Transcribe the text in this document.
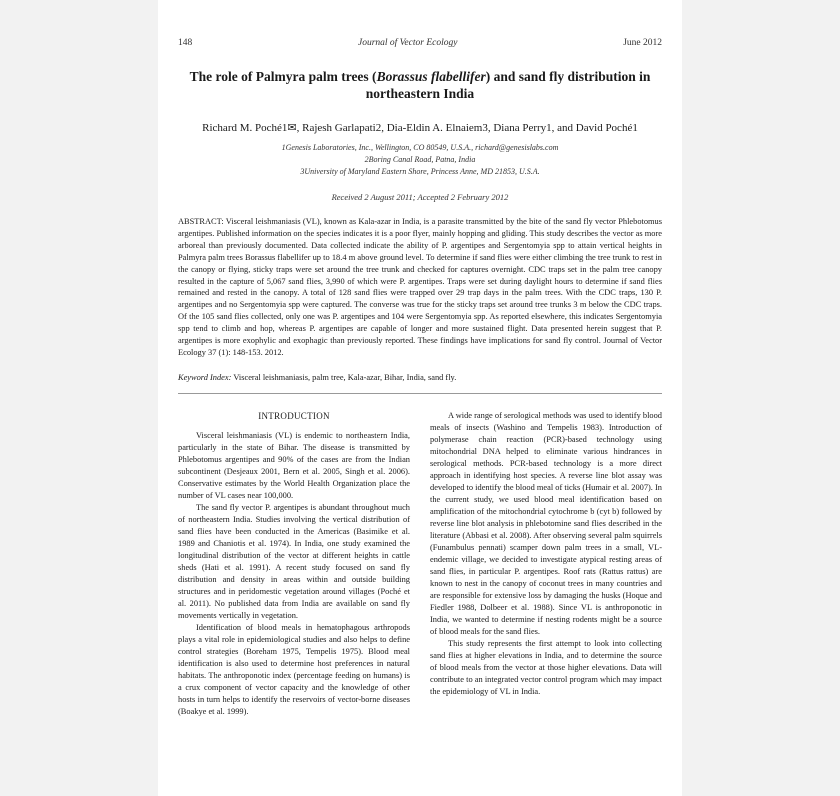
148	Journal of Vector Ecology	June 2012
The role of Palmyra palm trees (Borassus flabellifer) and sand fly distribution in northeastern India
Richard M. Poché1✉, Rajesh Garlapati2, Dia-Eldin A. Elnaiem3, Diana Perry1, and David Poché1
1Genesis Laboratories, Inc., Wellington, CO 80549, U.S.A., richard@genesislabs.com
2Boring Canal Road, Patna, India
3University of Maryland Eastern Shore, Princess Anne, MD 21853, U.S.A.
Received 2 August 2011; Accepted 2 February 2012

ABSTRACT: Visceral leishmaniasis (VL), known as Kala-azar in India, is a parasite transmitted by the bite of the sand fly vector Phlebotomus argentipes. Published information on the species indicates it is a poor flyer, mainly hopping and gliding. This study describes the vector as more arboreal than previously documented. Data collected indicate the ability of P. argentipes and Sergentomyia spp to attain vertical heights in Palmyra palm trees Borassus flabellifer up to 18.4 m above ground level. To determine if sand flies were either climbing the tree trunk to rest in the canopy or flying, sticky traps were set around the tree trunk and checked for captures overnight. CDC traps set in the palm tree canopy resulted in the capture of 5,067 sand flies, 3,990 of which were P. argentipes. Traps were set during daylight hours to determine if sand flies remained and rested in the canopy. A total of 128 sand flies were trapped over 29 trap days in the palm trees. With the CDC traps, 130 P. argentipes and no Sergentomyia spp were captured. The converse was true for the sticky traps set around tree trunks 3 m below the CDC traps. Of the 105 sand flies collected, only one was P. argentipes and 104 were Sergentomyia spp. As reported elsewhere, this indicates Sergentomyia spp tend to climb and hop, whereas P. argentipes are capable of longer and more sustained flight. Data presented herein suggest that P. argentipes is more exophylic and exophagic than previously reported. These findings have implications for sand fly control. Journal of Vector Ecology 37 (1): 148-153. 2012.

Keyword Index: Visceral leishmaniasis, palm tree, Kala-azar, Bihar, India, sand fly.
INTRODUCTION

Visceral leishmaniasis (VL) is endemic to northeastern India, particularly in the state of Bihar. The disease is transmitted by Phlebotomus argentipes and 90% of the cases are from the Indian subcontinent (Desjeaux 2001, Bern et al. 2005, Singh et al. 2006). Conservative estimates by the World Health Organization place the number of VL cases near 100,000.

The sand fly vector P. argentipes is abundant throughout much of northeastern India. Studies involving the vertical distribution of sand flies have been conducted in the Americas (Basimike et al. 1989 and Chaniotis et al. 1974). In India, one study examined the longitudinal distribution of the vector at different heights in cattle sheds (Hati et al. 1991). A recent study focused on sand fly distribution and density in areas within and outside building structures and in peridomestic vegetation around villages (Poché et al. 2011). No published data from India are available on sand fly movements vertically in vegetation.

Identification of blood meals in hematophagous arthropods plays a vital role in epidemiological studies and also helps to define control strategies (Boreham 1975, Tempelis 1975). Blood meal identification is also used to determine host preferences in natural habitats. The anthroponotic index (percentage feeding on humans) is a crux component of vector capacity and the knowledge of other hosts in turn helps to identify the reservoirs of vector-borne diseases (Boakye et al. 1999).

A wide range of serological methods was used to identify blood meals of insects (Washino and Tempelis 1983). Introduction of polymerase chain reaction (PCR)-based technology using mitochondrial DNA helped to eliminate various hindrances in serological methods. PCR-based technology is a more direct approach in identifying host species. A reverse line blot assay was developed to identify the blood meal of ticks (Humair et al. 2007). In the current study, we used blood meal identification based on amplification of the mitochondrial cytochrome b (cyt b) followed by reverse line blot analysis in phlebotomine sand flies described in the literature (Abbasi et al. 2008). After observing several palm squirrels (Funambulus pennati) scamper down palm trees in a small, VL-endemic village, we decided to investigate atypical resting areas of sand flies, in particular P. argentipes. Roof rats (Rattus rattus) are known to nest in the canopy of coconut trees in many countries and are responsible for extensive loss by damaging the husks (Hoque and Fiedler 1988, Dolbeer et al. 1988). Since VL is anthroponotic in India, we wanted to determine if nesting rodents might be a source of blood meals for the sand flies.

This study represents the first attempt to look into collecting sand flies at higher elevations in India, and to determine the source of blood meals from the vector at those higher elevations. Data will contribute to an integrated vector control program which may impact the epidemiology of VL in India.
